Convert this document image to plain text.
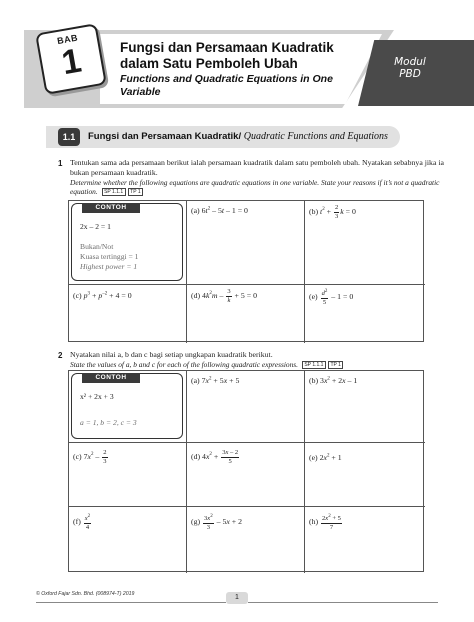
BAB
1	Fungsi dan Persamaan Kuadratik dalam Satu Pemboleh Ubah
Functions and Quadratic Equations in One Variable
Modul
PBD
1.1	Fungsi dan Persamaan Kuadratik/ Quadratic Functions and Equations
1 Tentukan sama ada persamaan berikut ialah persamaan kuadratik dalam satu pemboleh ubah. Nyatakan sebabnya jika ia bukan persamaan kuadratik.
Determine whether the following equations are quadratic equations in one variable. State your reasons if it’s not a quadratic equation. SP 1.1.1 TP 1
CONTOH
2x – 2 = 1
Bukan/Not
Kuasa tertinggi = 1
Highest power = 1
(a) $6t^2 - 5t - 1 = 0$	(b) $t^2 + \frac{2}{3}$ k = 0
(c) $p^3 + p^{-2} + 4 = 0$	(d) $4k^2m - \frac{3}{k} + 5 = 0$	$(e) \frac{d^2}{5} - 1 = 0$
2 Nyatakan nilai a, b dan c bagi setiap ungkapan kuadratik berikut.
State the values of a, b and c for each of the following quadratic expressions. SP 1.1.1 TP 1
CONTOH
x² + 2x + 3
a = 1, b = 2, c = 3
(a) $7x^2 + 5x + 5$	(b) $3x^2 + 2x - 1$
(c) $7x^2 - \frac{2}{3}$	(d) $4x^2 + \frac{3x - 2}{5}$	(e) $2x^2 + 1$
$(f) \frac{x^2}{4}$	$(g) \frac{3x^2}{3} - 5x + 2$	$(h) \frac{2x^2 + 5}{7}$
© Oxford Fajar Sdn. Bhd. (008974-T) 2019	1
